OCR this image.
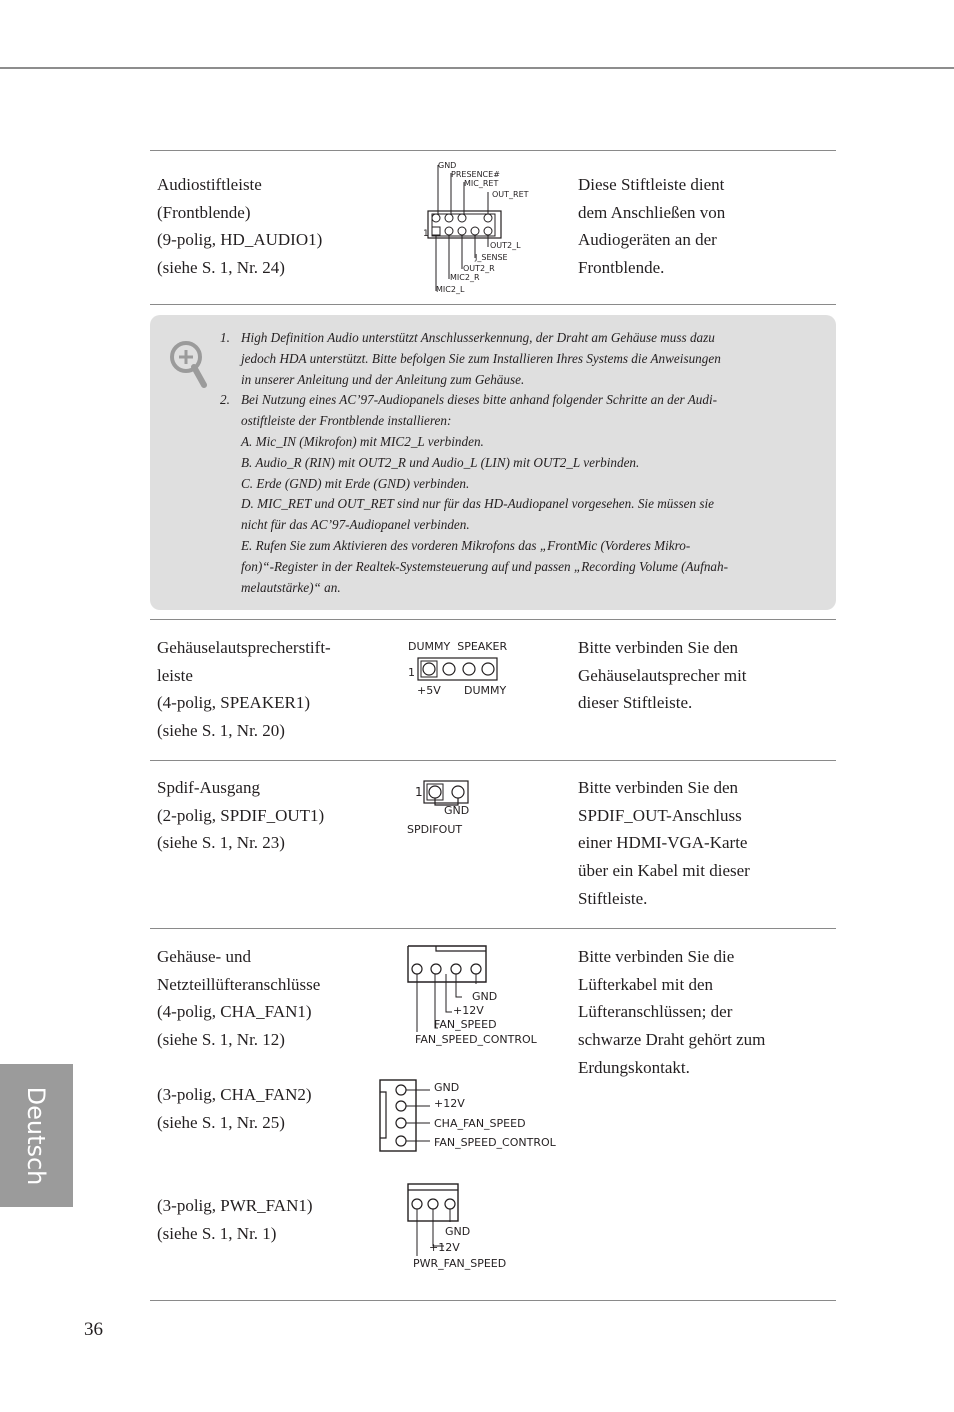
Audiostiftleiste
(Frontblende)
(9-polig, HD_AUDIO1)
(siehe S. 1, Nr. 24)
1
GND
PRESENCE#
MIC_RET
OUT_RET
OUT2_L
J_SENSE
OUT2_R
MIC2_R
MIC2_L
Diese Stiftleiste dient
dem Anschließen von
Audiogeräten an der
Frontblende.
1. High Definition Audio unterstützt Anschlusserkennung, der Draht am Gehäuse muss dazu
jedoch HDA unterstützt. Bitte befolgen Sie zum Installieren Ihres Systems die Anweisungen
in unserer Anleitung und der Anleitung zum Gehäuse.
2. Bei Nutzung eines AC’97-Audiopanels dieses bitte anhand folgender Schritte an der Audi-
ostiftleiste der Frontblende installieren:
A. Mic_IN (Mikrofon) mit MIC2_L verbinden.
B. Audio_R (RIN) mit OUT2_R und Audio_L (LIN) mit OUT2_L verbinden.
C. Erde (GND) mit Erde (GND) verbinden.
D. MIC_RET und OUT_RET sind nur für das HD-Audiopanel vorgesehen. Sie müssen sie
nicht für das AC’97-Audiopanel verbinden.
E. Rufen Sie zum Aktivieren des vorderen Mikrofons das „FrontMic (Vorderes Mikro-
fon)“-Register in der Realtek-Systemsteuerung auf und passen „Recording Volume (Aufnah-
melautstärke)“ an.
Gehäuselautsprecherstift-
leiste
(4-polig, SPEAKER1)
(siehe S. 1, Nr. 20)
DUMMY  SPEAKER
1
+5V DUMMY
Bitte verbinden Sie den
Gehäuselautsprecher mit
dieser Stiftleiste.
Spdif-Ausgang
(2-polig, SPDIF_OUT1)
(siehe S. 1, Nr. 23)
1
GND
SPDIFOUT
Bitte verbinden Sie den
SPDIF_OUT-Anschluss
einer HDMI-VGA-Karte
über ein Kabel mit dieser
Stiftleiste.
Gehäuse- und
Netzteillüfteranschlüsse
(4-polig, CHA_FAN1)
(siehe S. 1, Nr. 12)
GND
+12V
FAN_SPEED
FAN_SPEED_CONTROL
Bitte verbinden Sie die
Lüfterkabel mit den
Lüfteranschlüssen; der
schwarze Draht gehört zum
Erdungskontakt.
(3-polig, CHA_FAN2)
(siehe S. 1, Nr. 25)
GND
+12V
CHA_FAN_SPEED
FAN_SPEED_CONTROL
(3-polig, PWR_FAN1)
(siehe S. 1, Nr. 1)	GND
+12V
PWR_FAN_SPEED
Deutsch
36
